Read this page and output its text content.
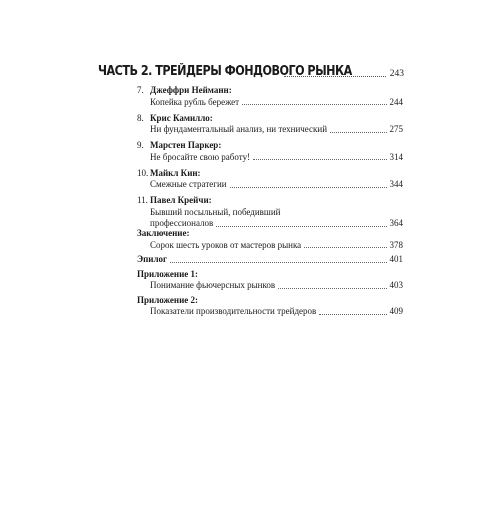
ЧАСТЬ 2. ТРЕЙДЕРЫ ФОНДОВОГО РЫНКА	243
7. Джеффри Нейманн:
Копейка рубль бережет	244
8. Крис Камилло:
Ни фундаментальный анализ, ни технический	275
9. Марстен Паркер:
Не бросайте свою работу!	314
10. Майкл Кин:
Смежные стратегии	344
11. Павел Крейчи:
Бывший посыльный, победивший
профессионалов	364
Заключение:
Сорок шесть уроков от мастеров рынка	378
Эпилог	401
Приложение 1:
Понимание фьючерсных рынков	403
Приложение 2:
Показатели производительности трейдеров	409
